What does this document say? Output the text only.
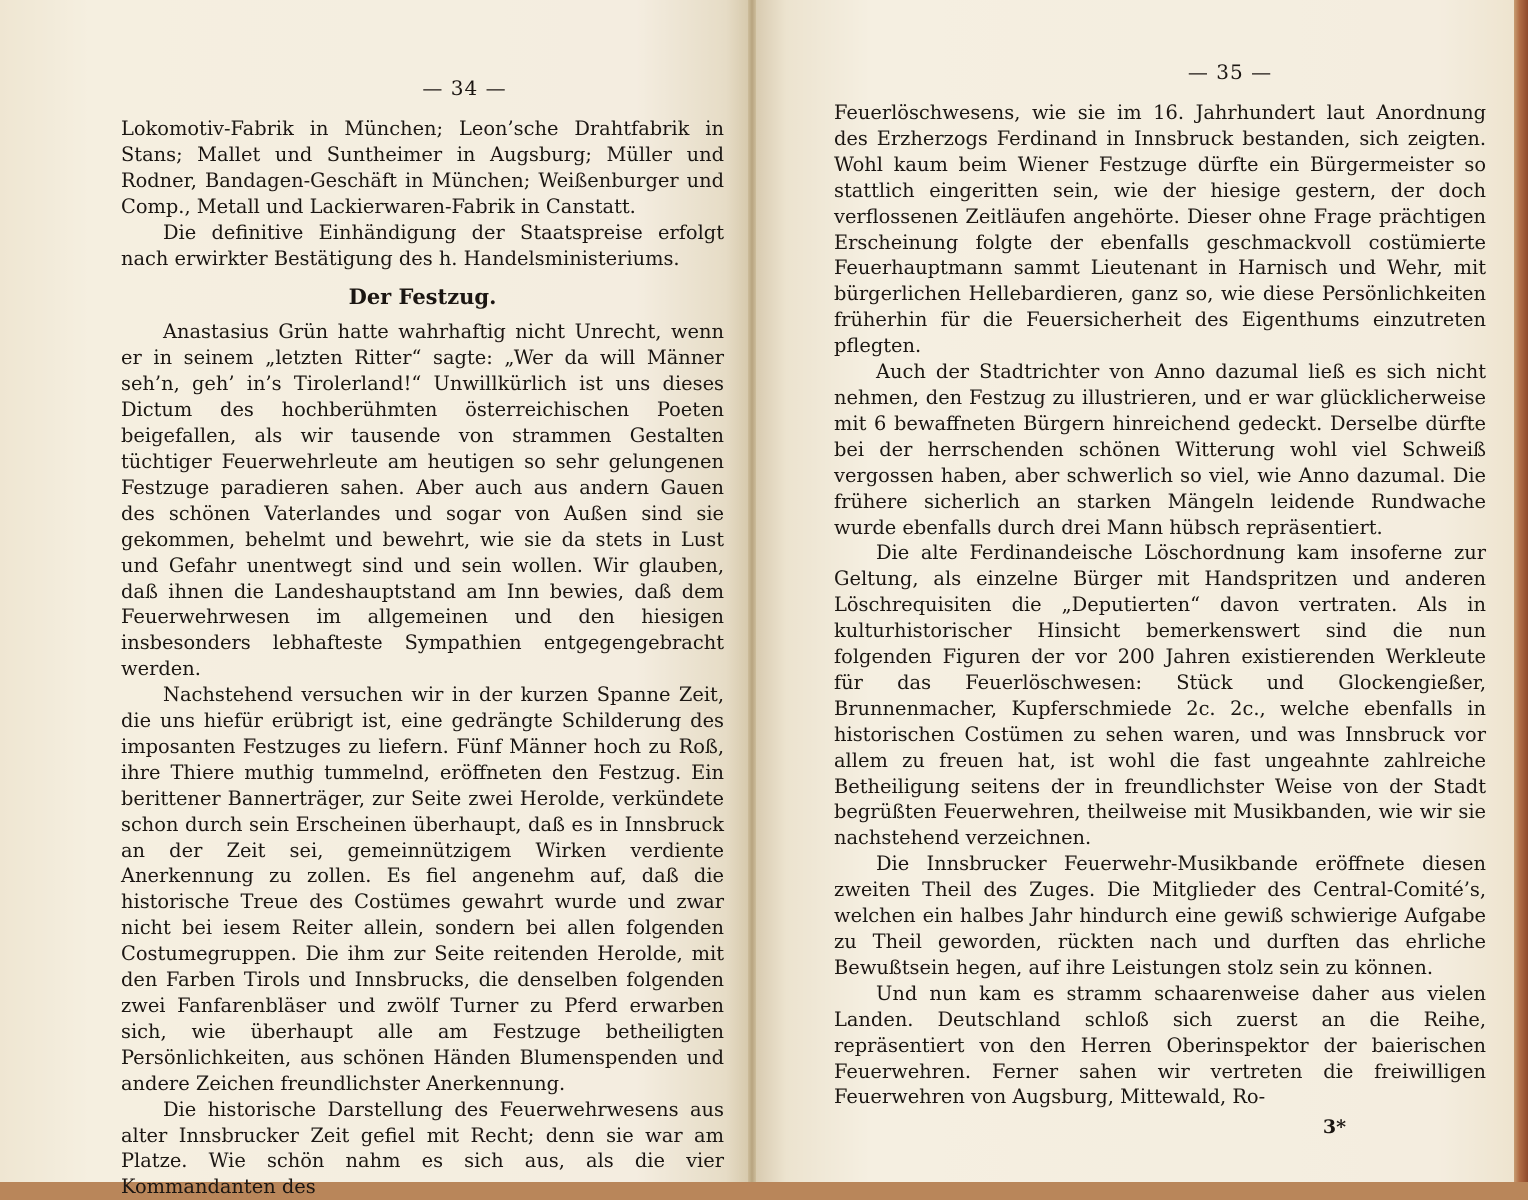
— 34 —

Lokomotiv-Fabrik in München; Leon’sche Drahtfabrik in Stans; Mallet und Suntheimer in Augsburg; Müller und Rodner, Bandagen-Geschäft in München; Weißenburger und Comp., Metall und Lackierwaren-Fabrik in Canstatt.

Die definitive Einhändigung der Staatspreise erfolgt nach erwirkter Bestätigung des h. Handelsministeriums.

Der Festzug.

Anastasius Grün hatte wahrhaftig nicht Unrecht, wenn er in seinem „letzten Ritter“ sagte: „Wer da will Männer seh’n, geh’ in’s Tirolerland!“ Unwillkürlich ist uns dieses Dictum des hochberühmten österreichischen Poeten beigefallen, als wir tausende von strammen Gestalten tüchtiger Feuerwehrleute am heutigen so sehr gelungenen Festzuge paradieren sahen. Aber auch aus andern Gauen des schönen Vaterlandes und sogar von Außen sind sie gekommen, behelmt und bewehrt, wie sie da stets in Lust und Gefahr unentwegt sind und sein wollen. Wir glauben, daß ihnen die Landeshauptstand am Inn bewies, daß dem Feuerwehrwesen im allgemeinen und den hiesigen insbesonders lebhafteste Sympathien entgegengebracht werden.

Nachstehend versuchen wir in der kurzen Spanne Zeit, die uns hiefür erübrigt ist, eine gedrängte Schilderung des imposanten Festzuges zu liefern. Fünf Männer hoch zu Roß, ihre Thiere muthig tummelnd, eröffneten den Festzug. Ein berittener Bannerträger, zur Seite zwei Herolde, verkündete schon durch sein Erscheinen überhaupt, daß es in Innsbruck an der Zeit sei, gemeinnützigem Wirken verdiente Anerkennung zu zollen. Es fiel angenehm auf, daß die historische Treue des Costümes gewahrt wurde und zwar nicht bei iesem Reiter allein, sondern bei allen folgenden Costumegruppen. Die ihm zur Seite reitenden Herolde, mit den Farben Tirols und Innsbrucks, die denselben folgenden zwei Fanfarenbläser und zwölf Turner zu Pferd erwarben sich, wie überhaupt alle am Festzuge betheiligten Persönlichkeiten, aus schönen Händen Blumenspenden und andere Zeichen freundlichster Anerkennung.

Die historische Darstellung des Feuerwehrwesens aus alter Innsbrucker Zeit gefiel mit Recht; denn sie war am Platze. Wie schön nahm es sich aus, als die vier Kommandanten des

— 35 —

Feuerlöschwesens, wie sie im 16. Jahrhundert laut Anordnung des Erzherzogs Ferdinand in Innsbruck bestanden, sich zeigten. Wohl kaum beim Wiener Festzuge dürfte ein Bürgermeister so stattlich eingeritten sein, wie der hiesige gestern, der doch verflossenen Zeitläufen angehörte. Dieser ohne Frage prächtigen Erscheinung folgte der ebenfalls geschmackvoll costümierte Feuerhauptmann sammt Lieutenant in Harnisch und Wehr, mit bürgerlichen Hellebardieren, ganz so, wie diese Persönlichkeiten früherhin für die Feuersicherheit des Eigenthums einzutreten pflegten.

Auch der Stadtrichter von Anno dazumal ließ es sich nicht nehmen, den Festzug zu illustrieren, und er war glücklicherweise mit 6 bewaffneten Bürgern hinreichend gedeckt. Derselbe dürfte bei der herrschenden schönen Witterung wohl viel Schweiß vergossen haben, aber schwerlich so viel, wie Anno dazumal. Die frühere sicherlich an starken Mängeln leidende Rundwache wurde ebenfalls durch drei Mann hübsch repräsentiert.

Die alte Ferdinandeische Löschordnung kam insoferne zur Geltung, als einzelne Bürger mit Handspritzen und anderen Löschrequisiten die „Deputierten“ davon vertraten. Als in kulturhistorischer Hinsicht bemerkenswert sind die nun folgenden Figuren der vor 200 Jahren existierenden Werkleute für das Feuerlöschwesen: Stück und Glockengießer, Brunnenmacher, Kupferschmiede 2c. 2c., welche ebenfalls in historischen Costümen zu sehen waren, und was Innsbruck vor allem zu freuen hat, ist wohl die fast ungeahnte zahlreiche Betheiligung seitens der in freundlichster Weise von der Stadt begrüßten Feuerwehren, theilweise mit Musikbanden, wie wir sie nachstehend verzeichnen.

Die Innsbrucker Feuerwehr-Musikbande eröffnete diesen zweiten Theil des Zuges. Die Mitglieder des Central-Comité’s, welchen ein halbes Jahr hindurch eine gewiß schwierige Aufgabe zu Theil geworden, rückten nach und durften das ehrliche Bewußtsein hegen, auf ihre Leistungen stolz sein zu können.

Und nun kam es stramm schaarenweise daher aus vielen Landen. Deutschland schloß sich zuerst an die Reihe, repräsentiert von den Herren Oberinspektor der baierischen Feuerwehren. Ferner sahen wir vertreten die freiwilligen Feuerwehren von Augsburg, Mittewald, Ro-

3*
